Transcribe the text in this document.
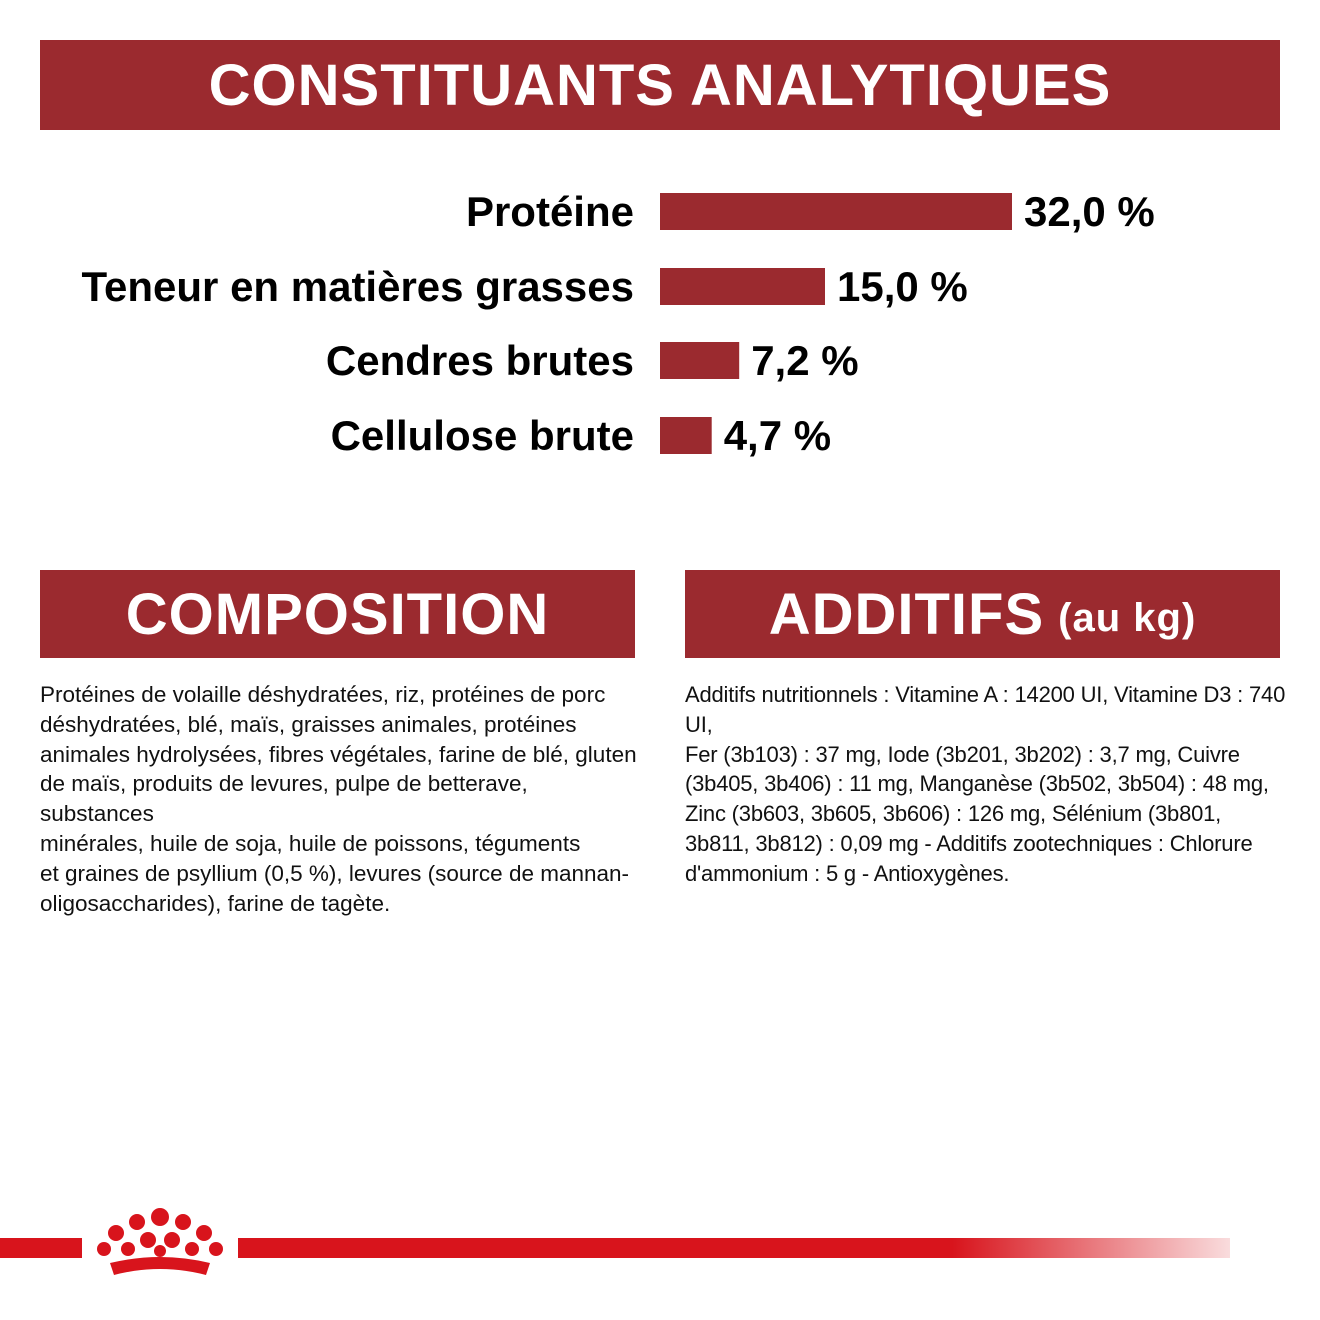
CONSTITUANTS ANALYTIQUES
Protéine	32,0 %
Teneur en matières grasses	15,0 %
Cendres brutes	7,2 %
Cellulose brute 4,7 %
COMPOSITION	ADDITIFS (au kg)
Protéines de volaille déshydratées, riz, protéines de porc
déshydratées, blé, maïs, graisses animales, protéines
animales hydrolysées, fibres végétales, farine de blé, gluten
de maïs, produits de levures, pulpe de betterave, substances
minérales, huile de soja, huile de poissons, téguments
et graines de psyllium (0,5 %), levures (source de mannan-
oligosaccharides), farine de tagète.
Additifs nutritionnels : Vitamine A : 14200 UI, Vitamine D3 : 740 UI,
Fer (3b103) : 37 mg, Iode (3b201, 3b202) : 3,7 mg, Cuivre
(3b405, 3b406) : 11 mg, Manganèse (3b502, 3b504) : 48 mg,
Zinc (3b603, 3b605, 3b606) : 126 mg, Sélénium (3b801,
3b811, 3b812) : 0,09 mg - Additifs zootechniques : Chlorure
d'ammonium : 5 g - Antioxygènes.
